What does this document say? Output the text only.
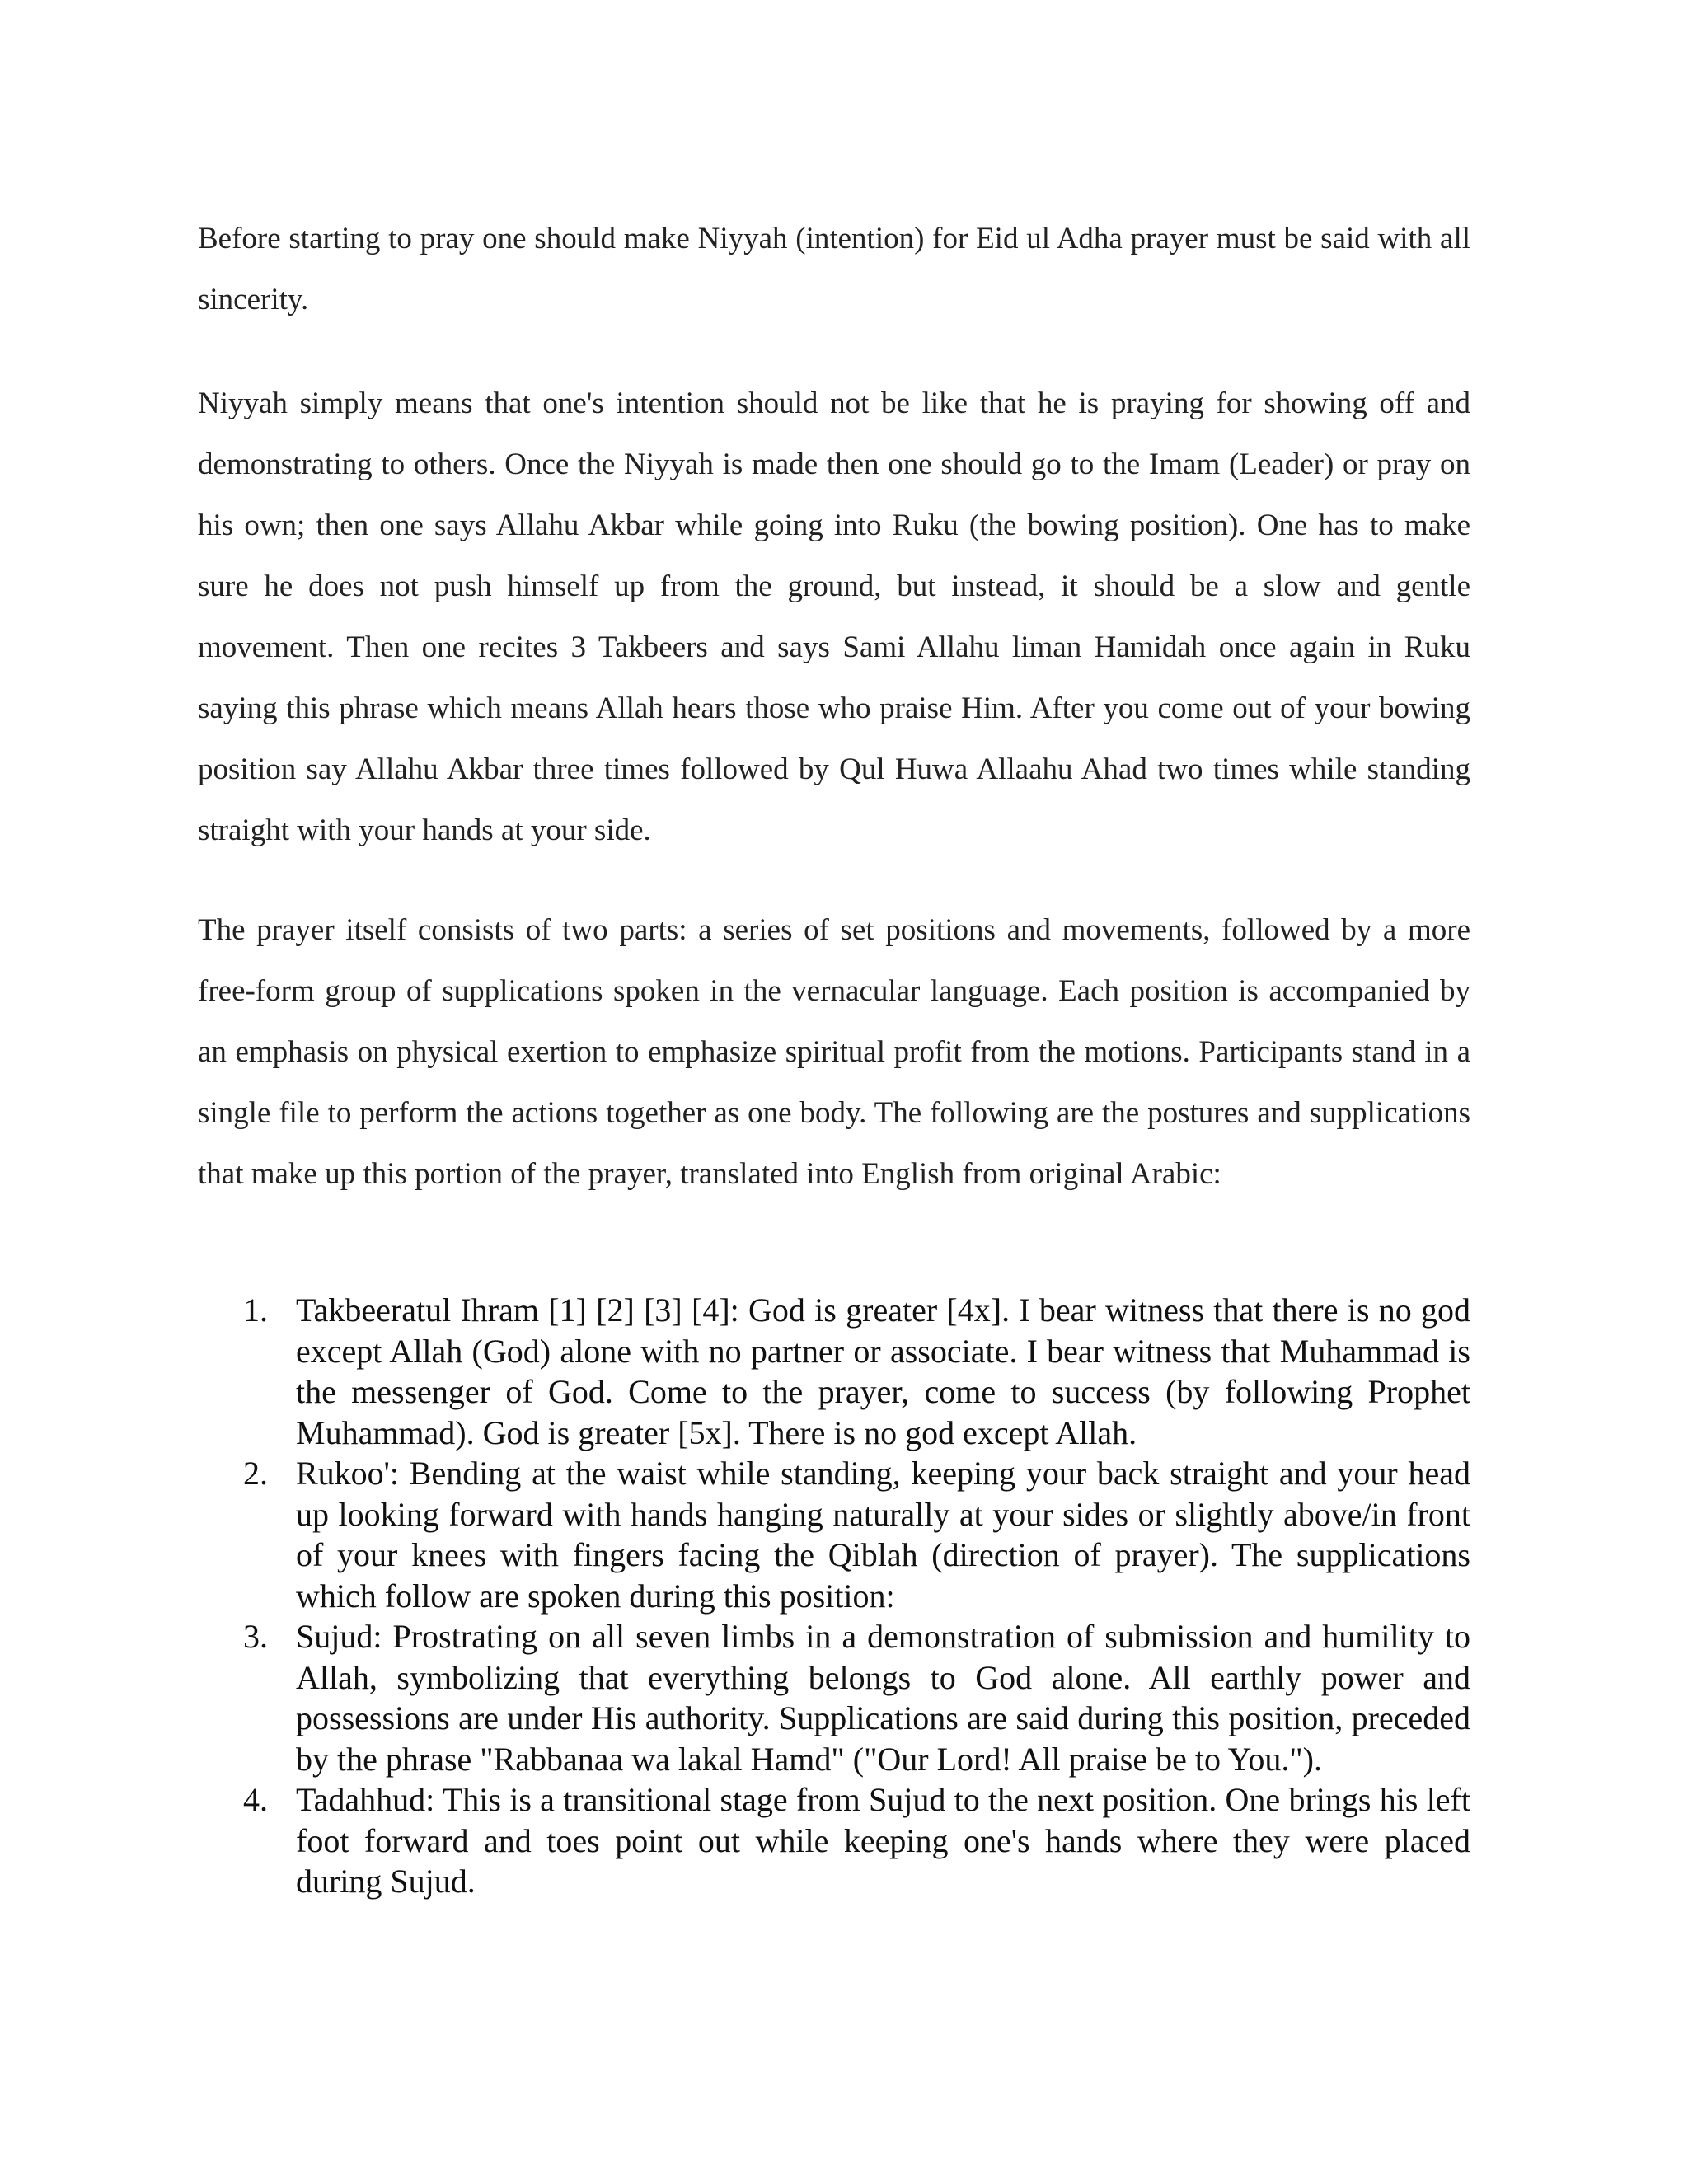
Before starting to pray one should make Niyyah (intention) for Eid ul Adha prayer must be said with all sincerity.

Niyyah simply means that one's intention should not be like that he is praying for showing off and demonstrating to others. Once the Niyyah is made then one should go to the Imam (Leader) or pray on his own; then one says Allahu Akbar while going into Ruku (the bowing position). One has to make sure he does not push himself up from the ground, but instead, it should be a slow and gentle movement. Then one recites 3 Takbeers and says Sami Allahu liman Hamidah once again in Ruku saying this phrase which means Allah hears those who praise Him. After you come out of your bowing position say Allahu Akbar three times followed by Qul Huwa Allaahu Ahad two times while standing straight with your hands at your side.

The prayer itself consists of two parts: a series of set positions and movements, followed by a more free-form group of supplications spoken in the vernacular language. Each position is accompanied by an emphasis on physical exertion to emphasize spiritual profit from the motions. Participants stand in a single file to perform the actions together as one body. The following are the postures and supplications that make up this portion of the prayer, translated into English from original Arabic:

1. Takbeeratul Ihram [1] [2] [3] [4]: God is greater [4x]. I bear witness that there is no god except Allah (God) alone with no partner or associate. I bear witness that Muhammad is the messenger of God. Come to the prayer, come to success (by following Prophet Muhammad). God is greater [5x]. There is no god except Allah.
2. Rukoo': Bending at the waist while standing, keeping your back straight and your head up looking forward with hands hanging naturally at your sides or slightly above/in front of your knees with fingers facing the Qiblah (direction of prayer). The supplications which follow are spoken during this position:
3. Sujud: Prostrating on all seven limbs in a demonstration of submission and humility to Allah, symbolizing that everything belongs to God alone. All earthly power and possessions are under His authority. Supplications are said during this position, preceded by the phrase "Rabbanaa wa lakal Hamd" ("Our Lord! All praise be to You.").
4. Tadahhud: This is a transitional stage from Sujud to the next position. One brings his left foot forward and toes point out while keeping one's hands where they were placed during Sujud.
